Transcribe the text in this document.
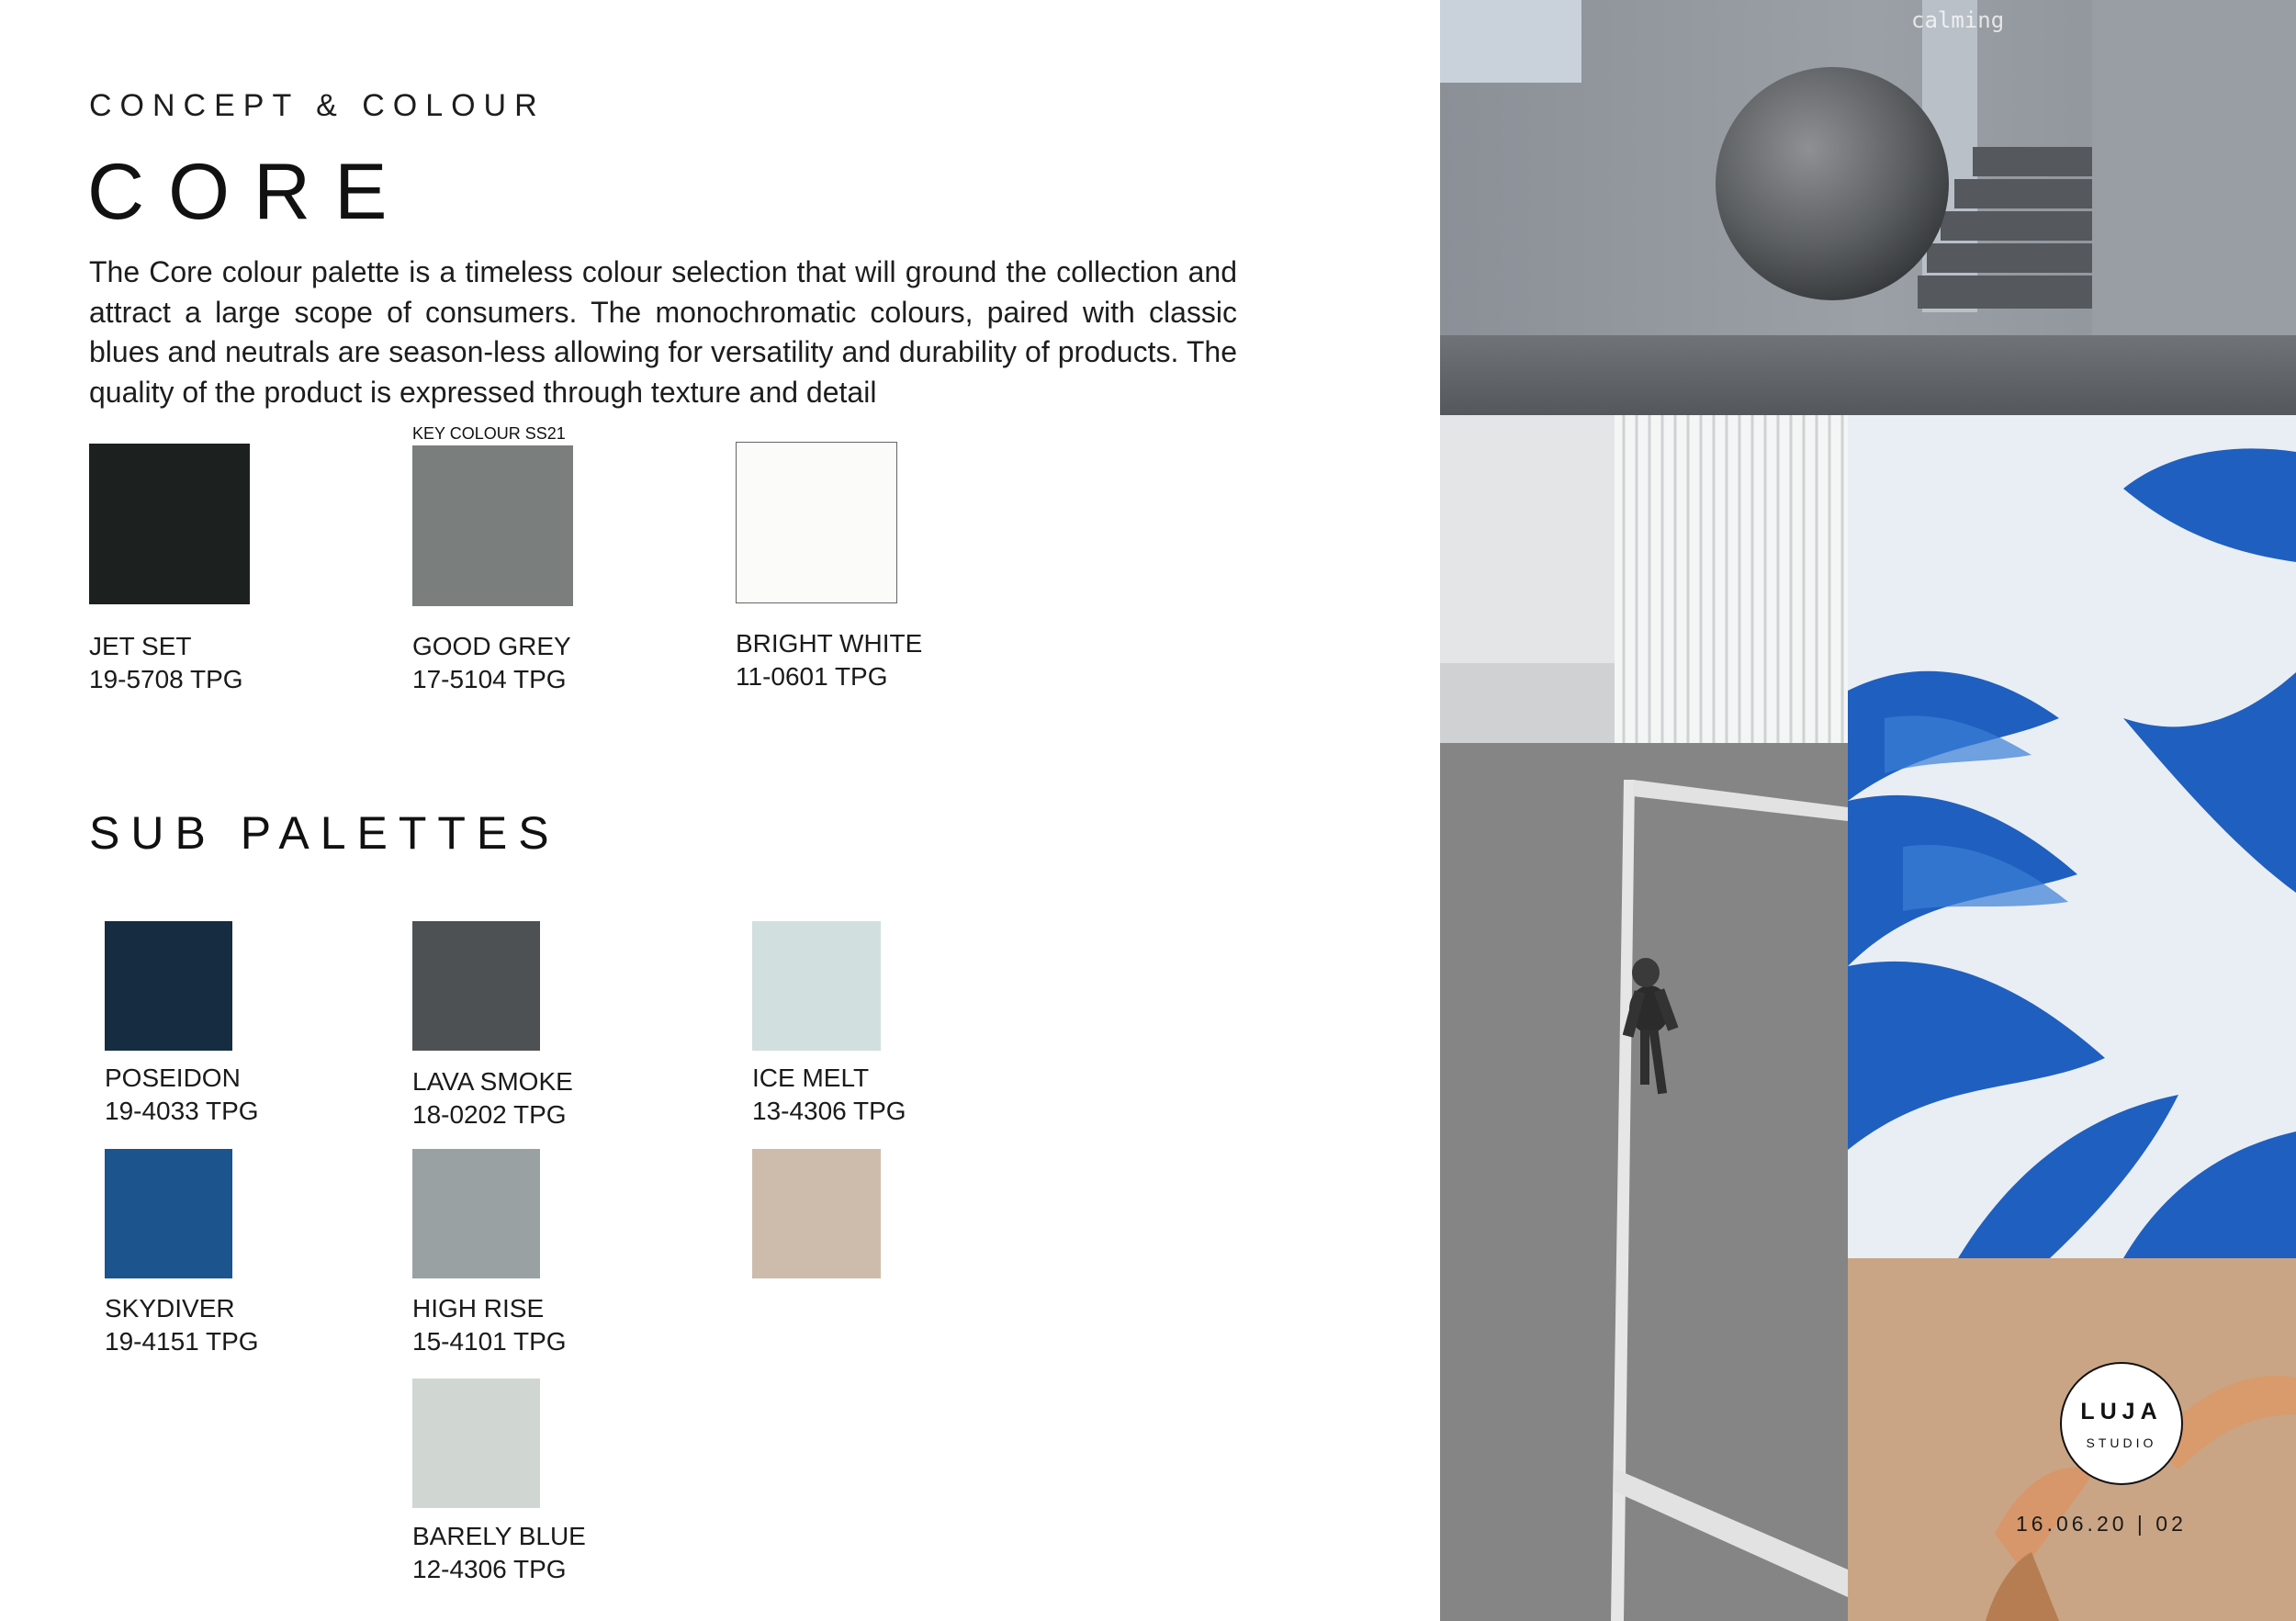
CONCEPT & COLOUR
CORE
The Core colour palette is a timeless colour selection that will ground the collection and attract a large scope of consumers. The monochromatic colours, paired with classic blues and neutrals are season-less allowing for versatility and durability of products. The quality of the product is expressed through texture and detail
JET SET
19-5708 TPG
KEY COLOUR SS21
GOOD GREY
17-5104 TPG
BRIGHT WHITE
11-0601 TPG
SUB PALETTES
POSEIDON
19-4033 TPG
SKYDIVER
19-4151 TPG
LAVA SMOKE
18-0202 TPG
HIGH RISE
15-4101 TPG
BARELY BLUE
12-4306 TPG
ICE MELT
13-4306 TPG
calming
LUJA
STUDIO
16.06.20 | 02
